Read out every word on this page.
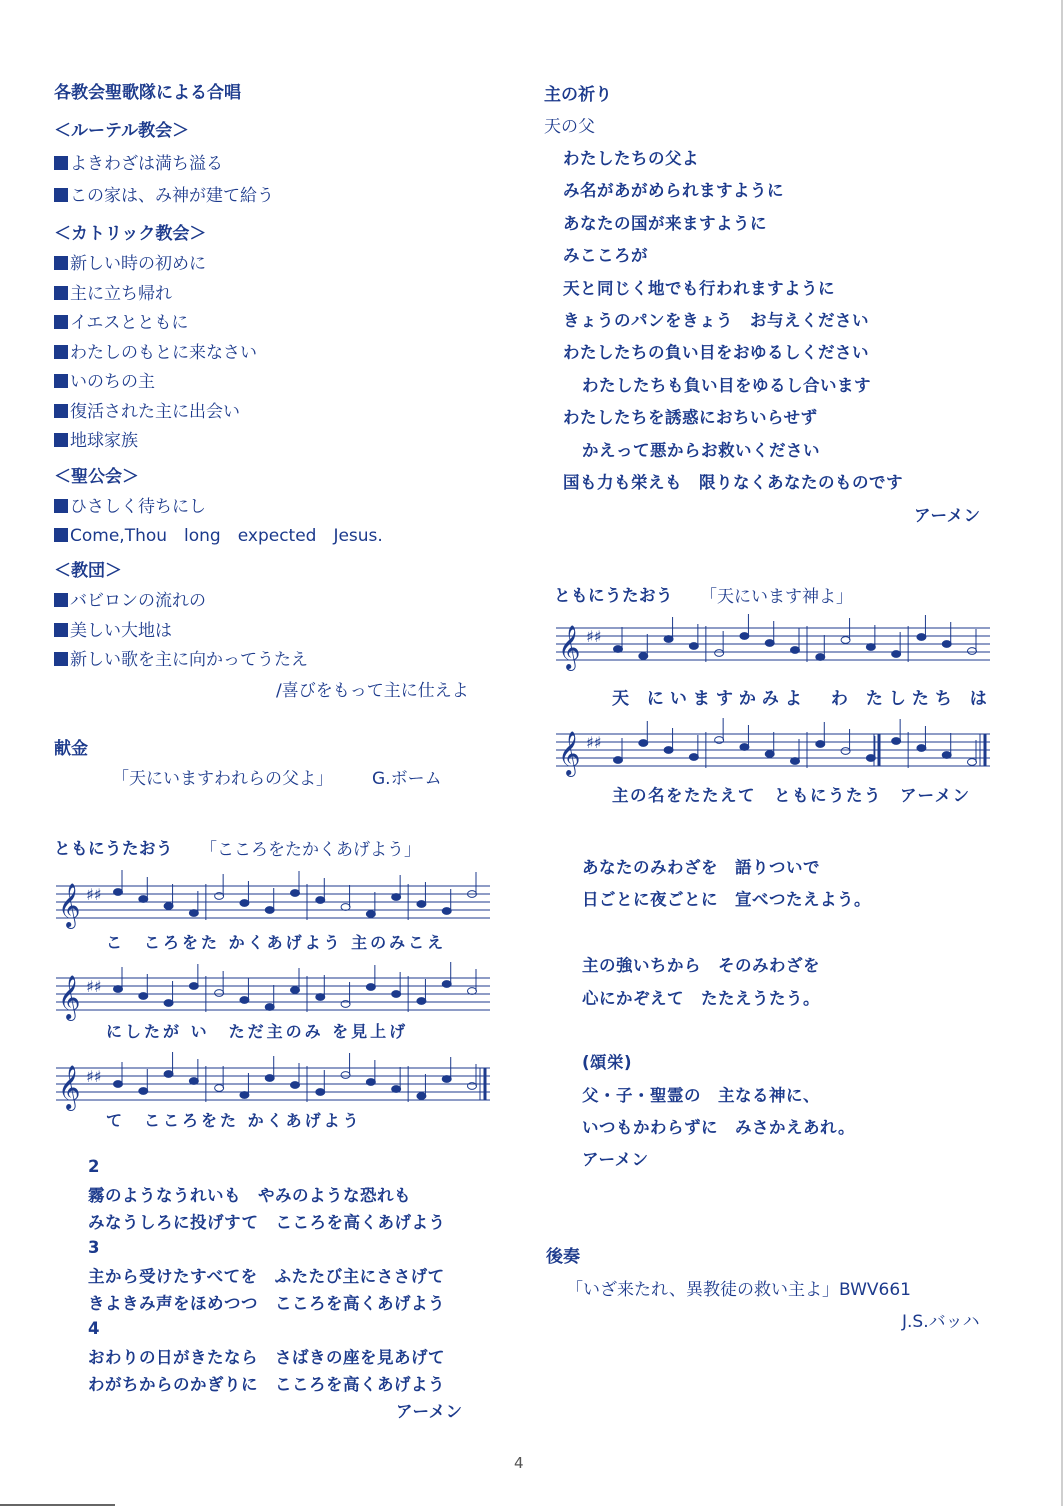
各教会聖歌隊による合唱
＜ルーテル教会＞
よきわざは満ち溢る
この家は、み神が建て給う
＜カトリック教会＞
新しい時の初めに
主に立ち帰れ
イエスとともに
わたしのもとに来なさい
いのちの主
復活された主に出会い
地球家族
＜聖公会＞
ひさしく待ちにし
Come,Thou　long　expected　Jesus.
＜教団＞
バビロンの流れの
美しい大地は
新しい歌を主に向かってうたえ
/喜びをもって主に仕えよ
献金
「天にいますわれらの父よ」 G.ボーム
ともにうたおう 「こころをたかくあげよう」
𝄞 ♯♯
こ　ころをた かくあげよう 主のみこえ
𝄞 ♯♯
にしたが い　ただ主のみ を見上げ
𝄞 ♯♯
て　こころをた かくあげよう
2
霧のようなうれいも　やみのような恐れも
みなうしろに投げすて　こころを高くあげよう
3
主から受けたすべてを　ふたたび主にささげて
きよきみ声をほめつつ　こころを高くあげよう
4
おわりの日がきたなら　さばきの座を見あげて
わがちからのかぎりに　こころを高くあげよう
アーメン
主の祈り
天の父
わたしたちの父よ
み名があがめられますように
あなたの国が来ますように
みこころが
天と同じく地でも行われますように
きょうのパンをきょう　お与えください
わたしたちの負い目をおゆるしください
わたしたちも負い目をゆるし合います
わたしたちを誘惑におちいらせず
かえって悪からお救いください
国も力も栄えも　限りなくあなたのものです
アーメン
ともにうたおう 「天にいます神よ」
𝄞 ♯♯
天 にいますかみよ　わ たしたち は
𝄞 ♯♯
主の名をたたえて　ともにうたう　アーメン
あなたのみわざを　語りついで
日ごとに夜ごとに　宣べつたえよう。
主の強いちから　そのみわざを
心にかぞえて　たたえうたう。
(頌栄)
父・子・聖霊の　主なる神に、
いつもかわらずに　みさかえあれ。
アーメン
後奏
「いざ来たれ、異教徒の救い主よ」BWV661
J.S.バッハ
4
